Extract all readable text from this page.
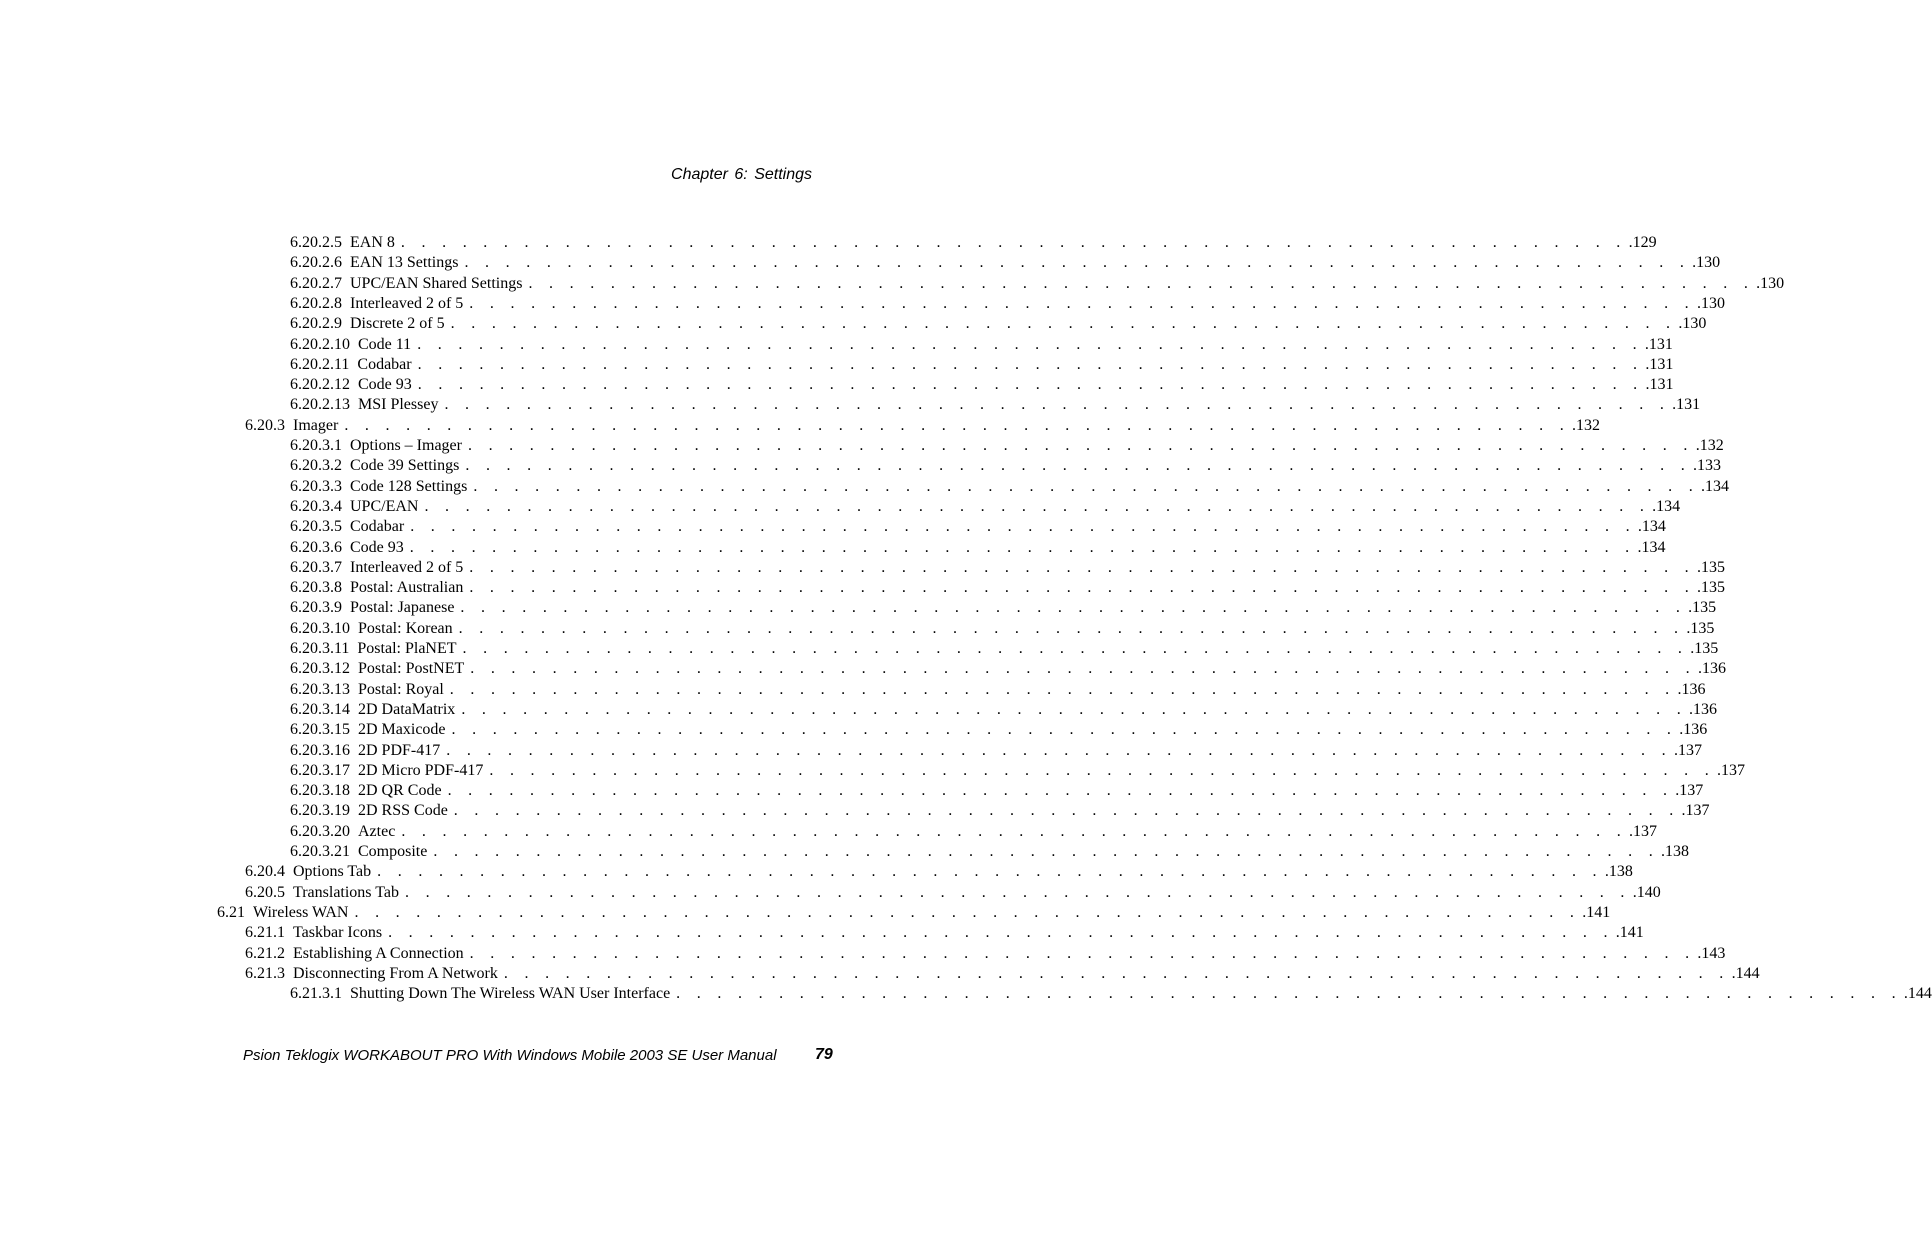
Chapter 6: Settings
6.20.2.5 EAN 8 . . . . . . . . . . . . . . . . . . . . . . . . . . . . . . . . . . . . . . . . . . . . . . . . . . . . . . . . . . . . .129
6.20.2.6 EAN 13 Settings . . . . . . . . . . . . . . . . . . . . . . . . . . . . . . . . . . . . . . . . . . . . . . . . . . . . . . . . . . . . .130
6.20.2.7 UPC/EAN Shared Settings . . . . . . . . . . . . . . . . . . . . . . . . . . . . . . . . . . . . . . . . . . . . . . . . . . . . . . . . . . . . .130
6.20.2.8 Interleaved 2 of 5 . . . . . . . . . . . . . . . . . . . . . . . . . . . . . . . . . . . . . . . . . . . . . . . . . . . . . . . . . . . . .130
6.20.2.9 Discrete 2 of 5 . . . . . . . . . . . . . . . . . . . . . . . . . . . . . . . . . . . . . . . . . . . . . . . . . . . . . . . . . . . . .130
6.20.2.10 Code 11 . . . . . . . . . . . . . . . . . . . . . . . . . . . . . . . . . . . . . . . . . . . . . . . . . . . . . . . . . . . . .131
6.20.2.11 Codabar . . . . . . . . . . . . . . . . . . . . . . . . . . . . . . . . . . . . . . . . . . . . . . . . . . . . . . . . . . . . .131
6.20.2.12 Code 93 . . . . . . . . . . . . . . . . . . . . . . . . . . . . . . . . . . . . . . . . . . . . . . . . . . . . . . . . . . . . .131
6.20.2.13 MSI Plessey . . . . . . . . . . . . . . . . . . . . . . . . . . . . . . . . . . . . . . . . . . . . . . . . . . . . . . . . . . . . .131
6.20.3 Imager . . . . . . . . . . . . . . . . . . . . . . . . . . . . . . . . . . . . . . . . . . . . . . . . . . . . . . . . . . . . .132
6.20.3.1 Options – Imager . . . . . . . . . . . . . . . . . . . . . . . . . . . . . . . . . . . . . . . . . . . . . . . . . . . . . . . . . . . . .132
6.20.3.2 Code 39 Settings . . . . . . . . . . . . . . . . . . . . . . . . . . . . . . . . . . . . . . . . . . . . . . . . . . . . . . . . . . . . .133
6.20.3.3 Code 128 Settings . . . . . . . . . . . . . . . . . . . . . . . . . . . . . . . . . . . . . . . . . . . . . . . . . . . . . . . . . . . . .134
6.20.3.4 UPC/EAN . . . . . . . . . . . . . . . . . . . . . . . . . . . . . . . . . . . . . . . . . . . . . . . . . . . . . . . . . . . . .134
6.20.3.5 Codabar . . . . . . . . . . . . . . . . . . . . . . . . . . . . . . . . . . . . . . . . . . . . . . . . . . . . . . . . . . . . .134
6.20.3.6 Code 93 . . . . . . . . . . . . . . . . . . . . . . . . . . . . . . . . . . . . . . . . . . . . . . . . . . . . . . . . . . . . .134
6.20.3.7 Interleaved 2 of 5 . . . . . . . . . . . . . . . . . . . . . . . . . . . . . . . . . . . . . . . . . . . . . . . . . . . . . . . . . . . . .135
6.20.3.8 Postal: Australian . . . . . . . . . . . . . . . . . . . . . . . . . . . . . . . . . . . . . . . . . . . . . . . . . . . . . . . . . . . . .135
6.20.3.9 Postal: Japanese . . . . . . . . . . . . . . . . . . . . . . . . . . . . . . . . . . . . . . . . . . . . . . . . . . . . . . . . . . . . .135
6.20.3.10 Postal: Korean . . . . . . . . . . . . . . . . . . . . . . . . . . . . . . . . . . . . . . . . . . . . . . . . . . . . . . . . . . . . .135
6.20.3.11 Postal: PlaNET . . . . . . . . . . . . . . . . . . . . . . . . . . . . . . . . . . . . . . . . . . . . . . . . . . . . . . . . . . . . .135
6.20.3.12 Postal: PostNET . . . . . . . . . . . . . . . . . . . . . . . . . . . . . . . . . . . . . . . . . . . . . . . . . . . . . . . . . . . . .136
6.20.3.13 Postal: Royal . . . . . . . . . . . . . . . . . . . . . . . . . . . . . . . . . . . . . . . . . . . . . . . . . . . . . . . . . . . . .136
6.20.3.14 2D DataMatrix . . . . . . . . . . . . . . . . . . . . . . . . . . . . . . . . . . . . . . . . . . . . . . . . . . . . . . . . . . . . .136
6.20.3.15 2D Maxicode . . . . . . . . . . . . . . . . . . . . . . . . . . . . . . . . . . . . . . . . . . . . . . . . . . . . . . . . . . . . .136
6.20.3.16 2D PDF-417 . . . . . . . . . . . . . . . . . . . . . . . . . . . . . . . . . . . . . . . . . . . . . . . . . . . . . . . . . . . . .137
6.20.3.17 2D Micro PDF-417 . . . . . . . . . . . . . . . . . . . . . . . . . . . . . . . . . . . . . . . . . . . . . . . . . . . . . . . . . . . . .137
6.20.3.18 2D QR Code . . . . . . . . . . . . . . . . . . . . . . . . . . . . . . . . . . . . . . . . . . . . . . . . . . . . . . . . . . . . .137
6.20.3.19 2D RSS Code . . . . . . . . . . . . . . . . . . . . . . . . . . . . . . . . . . . . . . . . . . . . . . . . . . . . . . . . . . . . .137
6.20.3.20 Aztec . . . . . . . . . . . . . . . . . . . . . . . . . . . . . . . . . . . . . . . . . . . . . . . . . . . . . . . . . . . . .137
6.20.3.21 Composite . . . . . . . . . . . . . . . . . . . . . . . . . . . . . . . . . . . . . . . . . . . . . . . . . . . . . . . . . . . . .138
6.20.4 Options Tab . . . . . . . . . . . . . . . . . . . . . . . . . . . . . . . . . . . . . . . . . . . . . . . . . . . . . . . . . . . . .138
6.20.5 Translations Tab . . . . . . . . . . . . . . . . . . . . . . . . . . . . . . . . . . . . . . . . . . . . . . . . . . . . . . . . . . . . .140
6.21 Wireless WAN . . . . . . . . . . . . . . . . . . . . . . . . . . . . . . . . . . . . . . . . . . . . . . . . . . . . . . . . . . . . .141
6.21.1 Taskbar Icons . . . . . . . . . . . . . . . . . . . . . . . . . . . . . . . . . . . . . . . . . . . . . . . . . . . . . . . . . . . . .141
6.21.2 Establishing A Connection . . . . . . . . . . . . . . . . . . . . . . . . . . . . . . . . . . . . . . . . . . . . . . . . . . . . . . . . . . . . .143
6.21.3 Disconnecting From A Network . . . . . . . . . . . . . . . . . . . . . . . . . . . . . . . . . . . . . . . . . . . . . . . . . . . . . . . . . . . . .144
6.21.3.1 Shutting Down The Wireless WAN User Interface . . . . . . . . . . . . . . . . . . . . . . . . . . . . . . . . . . . . . . . . . . . . . . . . . . . . . . . . . . . . .144
Psion Teklogix WORKABOUT PRO With Windows Mobile 2003 SE User Manual 79
